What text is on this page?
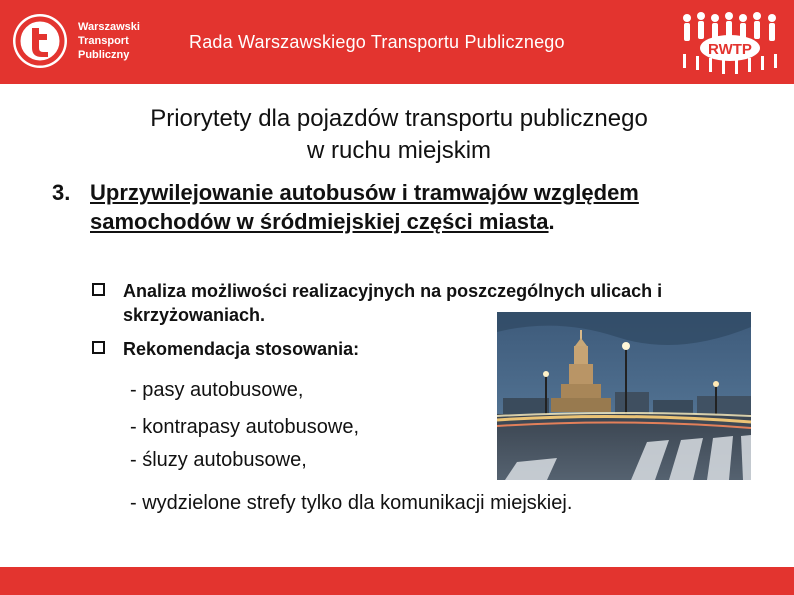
Warszawski
Transport
Publiczny
Rada Warszawskiego Transportu Publicznego	RWTP
Priorytety dla pojazdów transportu publicznego
w ruchu miejskim
3. Uprzywilejowanie autobusów i tramwajów względem samochodów w śródmiejskiej części miasta.
Analiza możliwości realizacyjnych na poszczególnych ulicach i skrzyżowaniach.
Rekomendacja stosowania:
- pasy autobusowe,
- kontrapasy autobusowe,
- śluzy autobusowe,
- wydzielone strefy tylko dla komunikacji miejskiej.
